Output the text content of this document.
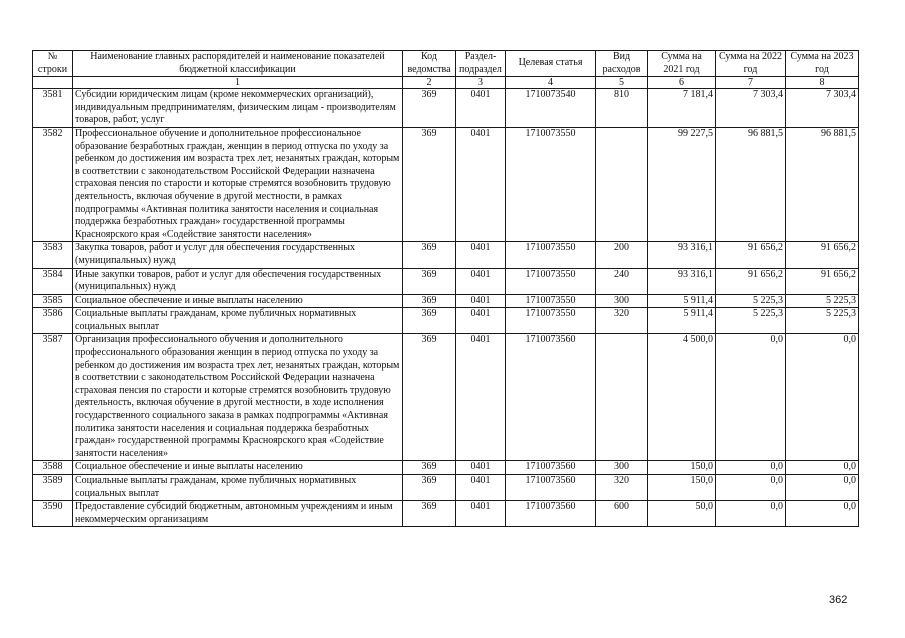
№ строки	Наименование главных распорядителей и наименование показателей бюджетной классификации	Код ведомства	Раздел-подраздел	Целевая статья	Вид расходов	Сумма на 2021 год	Сумма на 2022 год	Сумма на 2023 год
	1	2	3	4	5	6	7	8
3581	Субсидии юридическим лицам (кроме некоммерческих организаций), индивидуальным предпринимателям, физическим лицам - производителям товаров, работ, услуг	369	0401	1710073540	810	7 181,4	7 303,4	7 303,4
3582	Профессиональное обучение и дополнительное профессиональное образование безработных граждан, женщин в период отпуска по уходу за ребенком до достижения им возраста трех лет, незанятых граждан, которым в соответствии с законодательством Российской Федерации назначена страховая пенсия по старости и которые стремятся возобновить трудовую деятельность, включая обучение в другой местности, в рамках подпрограммы «Активная политика занятости населения и социальная поддержка безработных граждан» государственной программы Красноярского края «Содействие занятости населения»	369	0401	1710073550		99 227,5	96 881,5	96 881,5
3583	Закупка товаров, работ и услуг для обеспечения государственных (муниципальных) нужд	369	0401	1710073550	200	93 316,1	91 656,2	91 656,2
3584	Иные закупки товаров, работ и услуг для обеспечения государственных (муниципальных) нужд	369	0401	1710073550	240	93 316,1	91 656,2	91 656,2
3585	Социальное обеспечение и иные выплаты населению	369	0401	1710073550	300	5 911,4	5 225,3	5 225,3
3586	Социальные выплаты гражданам, кроме публичных нормативных социальных выплат	369	0401	1710073550	320	5 911,4	5 225,3	5 225,3
3587	Организация профессионального обучения и дополнительного профессионального образования женщин в период отпуска по уходу за ребенком до достижения им возраста трех лет, незанятых граждан, которым в соответствии с законодательством Российской Федерации назначена страховая пенсия по старости и которые стремятся возобновить трудовую деятельность, включая обучение в другой местности, в ходе исполнения государственного социального заказа в рамках подпрограммы «Активная политика занятости населения и социальная поддержка безработных граждан» государственной программы Красноярского края «Содействие занятости населения»	369	0401	1710073560		4 500,0	0,0	0,0
3588	Социальное обеспечение и иные выплаты населению	369	0401	1710073560	300	150,0	0,0	0,0
3589	Социальные выплаты гражданам, кроме публичных нормативных социальных выплат	369	0401	1710073560	320	150,0	0,0	0,0
3590	Предоставление субсидий бюджетным, автономным учреждениям и иным некоммерческим организациям	369	0401	1710073560	600	50,0	0,0	0,0
362
